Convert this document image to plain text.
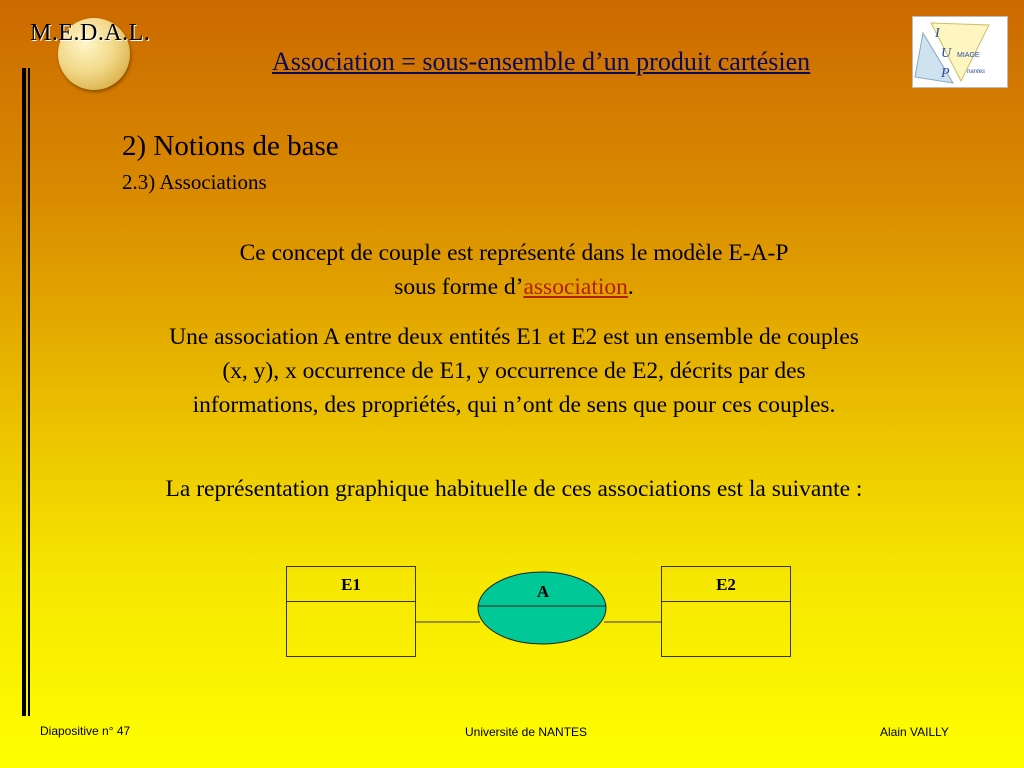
M.E.D.A.L.
Association = sous-ensemble d’un produit cartésien
I
U
P
MIAGE
nantes
2) Notions de base
2.3) Associations
Ce concept de couple est représenté dans le modèle E-A-P
sous forme d’association.
Une association A entre deux entités E1 et E2 est un ensemble de couples (x, y), x occurrence de E1, y occurrence de E2, décrits par des informations, des propriétés, qui n’ont de sens que pour ces couples.
La représentation graphique habituelle de ces associations est la suivante :
E1	E2
A
Diapositive n° 47	Université de NANTES	Alain VAILLY
